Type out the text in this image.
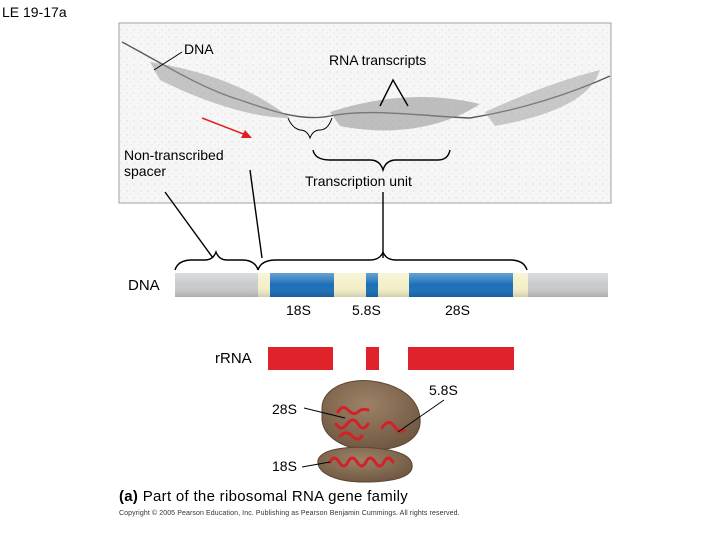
LE 19-17a
DNA
RNA transcripts
Non-transcribed
spacer
Transcription unit
DNA
18S	5.8S	28S
rRNA
5.8S
28S
18S
(a) Part of the ribosomal RNA gene family
Copyright © 2005 Pearson Education, Inc. Publishing as Pearson Benjamin Cummings. All rights reserved.
